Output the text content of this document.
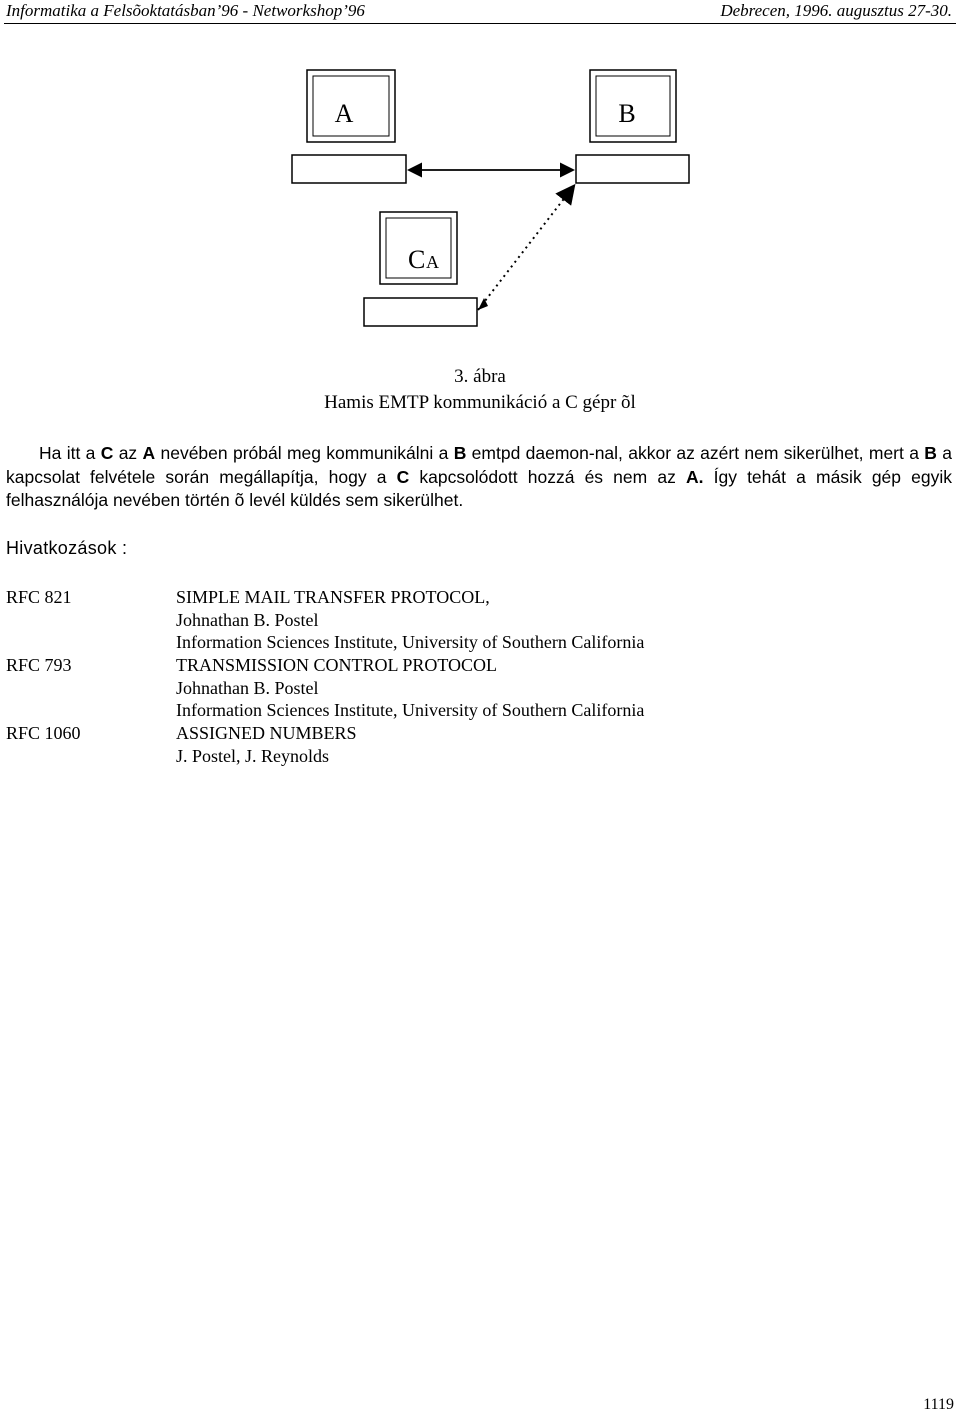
Informatika a Felsõoktatásban’96 - Networkshop’96	Debrecen, 1996. augusztus 27-30.
A	B
C A
3. ábra
Hamis EMTP kommunikáció a C gépr õl

Ha itt a C az A nevében próbál meg kommunikálni a B emtpd daemon-nal, akkor az azért nem sikerülhet, mert a B a kapcsolat felvétele során megállapítja, hogy a C kapcsolódott hozzá és nem az A. Így tehát a másik gép egyik felhasználója nevében történ õ levél küldés sem sikerülhet.

Hivatkozások :
RFC 821	SIMPLE MAIL TRANSFER PROTOCOL,
Johnathan B. Postel
Information Sciences Institute, University of Southern California
RFC 793	TRANSMISSION CONTROL PROTOCOL
Johnathan B. Postel
Information Sciences Institute, University of Southern California
RFC 1060	ASSIGNED NUMBERS
J. Postel, J. Reynolds
1119
